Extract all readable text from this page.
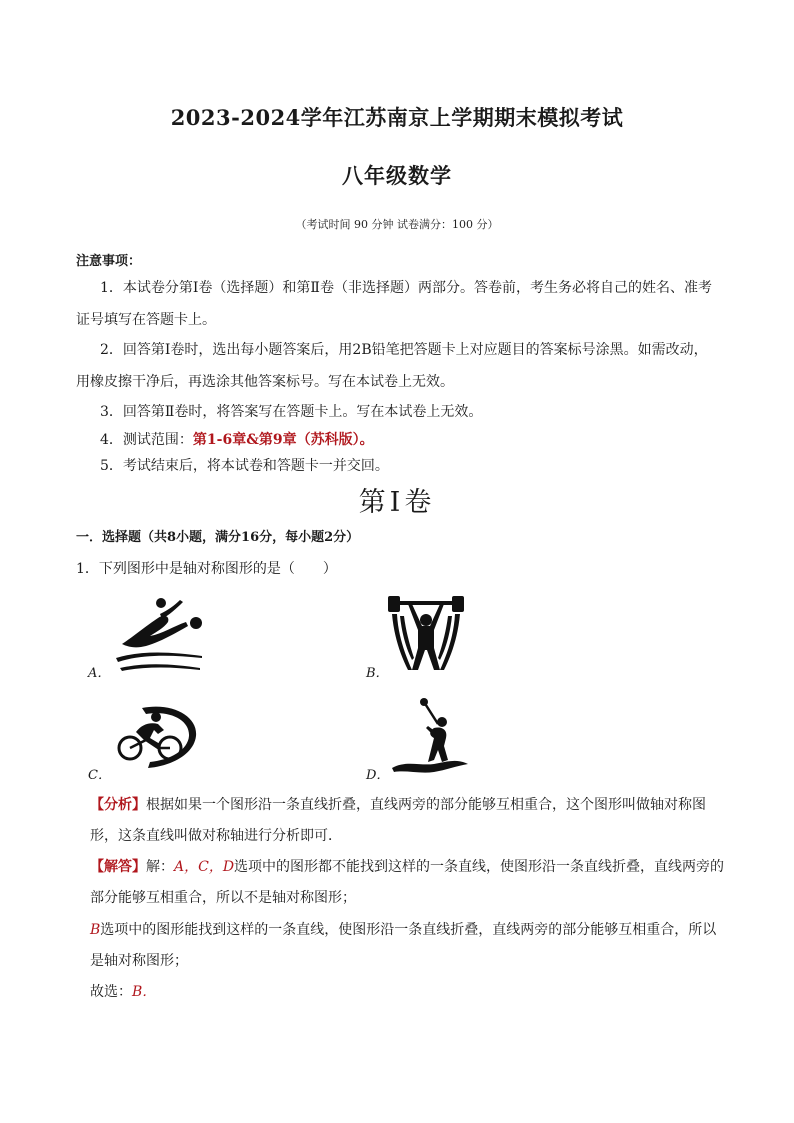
2023-2024学年江苏南京上学期期末模拟考试
八年级数学
（考试时间 90 分钟 试卷满分：100 分）
注意事项：
1．本试卷分第Ⅰ卷（选择题）和第Ⅱ卷（非选择题）两部分。答卷前，考生务必将自己的姓名、准考证号填写在答题卡上。
2．回答第Ⅰ卷时，选出每小题答案后，用2B铅笔把答题卡上对应题目的答案标号涂黑。如需改动，用橡皮擦干净后，再选涂其他答案标号。写在本试卷上无效。
3．回答第Ⅱ卷时，将答案写在答题卡上。写在本试卷上无效。
4．测试范围：第1-6章&第9章（苏科版）。
5．考试结束后，将本试卷和答题卡一并交回。
第Ⅰ卷
一．选择题（共8小题，满分16分，每小题2分）
1．下列图形中是轴对称图形的是（　　）
A．	B．
C．	D．
【分析】根据如果一个图形沿一条直线折叠，直线两旁的部分能够互相重合，这个图形叫做轴对称图形，这条直线叫做对称轴进行分析即可．
【解答】解：A，C，D选项中的图形都不能找到这样的一条直线，使图形沿一条直线折叠，直线两旁的部分能够互相重合，所以不是轴对称图形；
B选项中的图形能找到这样的一条直线，使图形沿一条直线折叠，直线两旁的部分能够互相重合，所以是轴对称图形；
故选：B．
